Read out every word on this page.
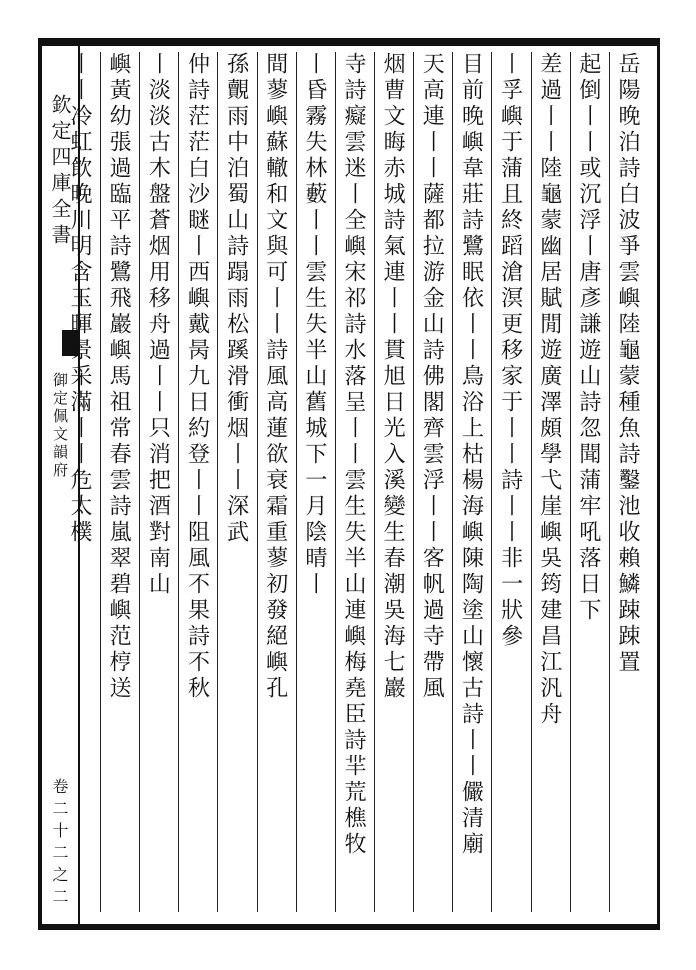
欽定四庫全書
御定佩文韻府
卷二十二之二
岳陽晚泊詩白波爭雲嶼陸龜蒙種魚詩鑿池收賴鱗踈踈置
起倒丨丨或沉浮丨唐彥謙遊山詩忽聞蒲牢吼落日下
差過丨丨陸龜蒙幽居賦閒遊廣澤頗學弋崖嶼吳筠建昌江汎舟
丨孚嶼于蒲且終蹈滄溟更移家于丨丨詩丨丨非一狀參
目前晚嶼韋莊詩鷺眠依丨丨鳥浴上枯楊海嶼陳陶塗山懷古詩丨丨儼清廟
天高連丨丨薩都拉游金山詩佛閣齊雲浮丨丨客帆過寺帶風
烟曹文晦赤城詩氣連丨丨貫旭日光入溪變生春潮吳海七巖
寺詩癡雲迷丨全嶼宋祁詩水落呈丨丨雲生失半山連嶼梅堯臣詩羋荒樵牧
丨昏霧失林藪丨丨雲生失半山舊城下一月陰晴丨
間蓼嶼蘇轍和文與可丨丨詩風高蓮欲衰霜重蓼初發絕嶼孔
孫覿雨中泊蜀山詩蹋雨松蹊滑衝烟丨丨深武
仲詩茫茫白沙瞇丨西嶼戴昺九日約登丨丨阻風不果詩不秋
丨淡淡古木盤蒼烟用移舟過丨丨只消把酒對南山
嶼黃幼張過臨平詩鷺飛巖嶼馬祖常春雲詩嵐翠碧嶼范梈送
丨丨冷虹飲晚川明含玉暉景采滿丨丨危太樸
